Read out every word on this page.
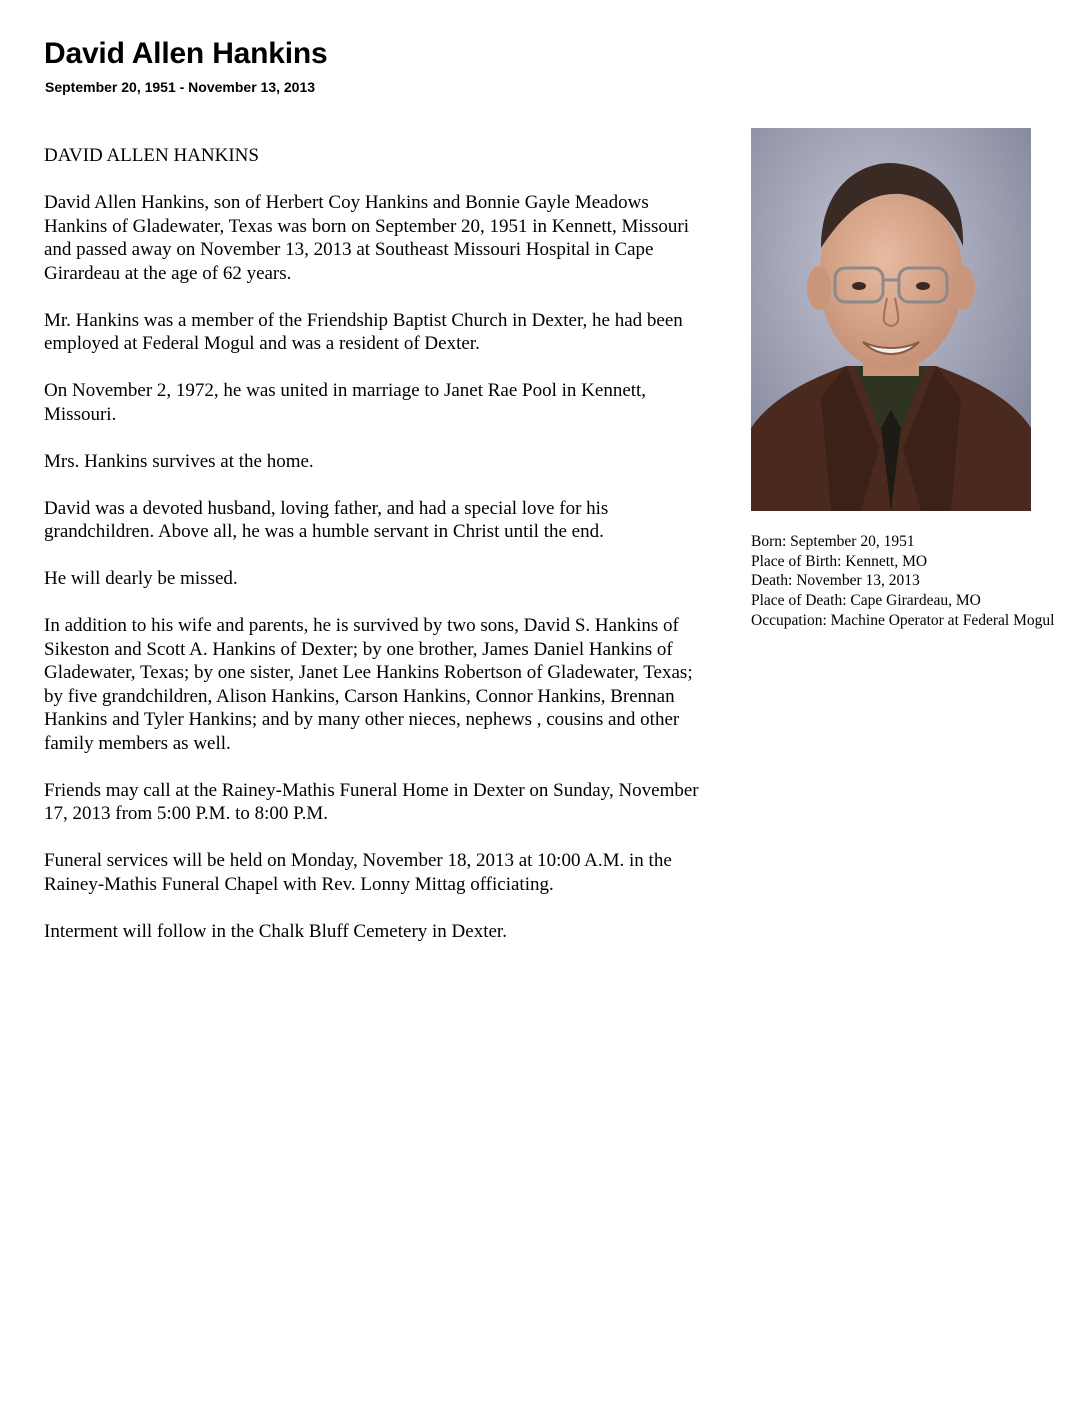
David Allen Hankins
September 20, 1951 - November 13, 2013

DAVID ALLEN HANKINS

David Allen Hankins, son of Herbert Coy Hankins and Bonnie Gayle Meadows Hankins of Gladewater, Texas was born on September 20, 1951 in Kennett, Missouri and passed away on November 13, 2013 at Southeast Missouri Hospital in Cape Girardeau at the age of 62 years.

Mr. Hankins was a member of the Friendship Baptist Church in Dexter, he had been employed at Federal Mogul and was a resident of Dexter.

On November 2, 1972, he was united in marriage to Janet Rae Pool in Kennett, Missouri.

Mrs. Hankins survives at the home.

David was a devoted husband, loving father, and had a special love for his grandchildren. Above all, he was a humble servant in Christ until the end.

He will dearly be missed.

In addition to his wife and parents, he is survived by two sons, David S. Hankins of Sikeston and Scott A. Hankins of Dexter; by one brother, James Daniel Hankins of Gladewater, Texas; by one sister, Janet Lee Hankins Robertson of Gladewater, Texas; by five grandchildren, Alison Hankins, Carson Hankins, Connor Hankins, Brennan Hankins and Tyler Hankins; and by many other nieces, nephews , cousins and other family members as well.

Friends may call at the Rainey-Mathis Funeral Home in Dexter on Sunday, November 17, 2013 from 5:00 P.M. to 8:00 P.M.

Funeral services will be held on Monday, November 18, 2013 at 10:00 A.M. in the Rainey-Mathis Funeral Chapel with Rev. Lonny Mittag officiating.

Interment will follow in the Chalk Bluff Cemetery in Dexter.

Born: September 20, 1951
Place of Birth: Kennett, MO
Death: November 13, 2013
Place of Death: Cape Girardeau, MO
Occupation: Machine Operator at Federal Mogul
